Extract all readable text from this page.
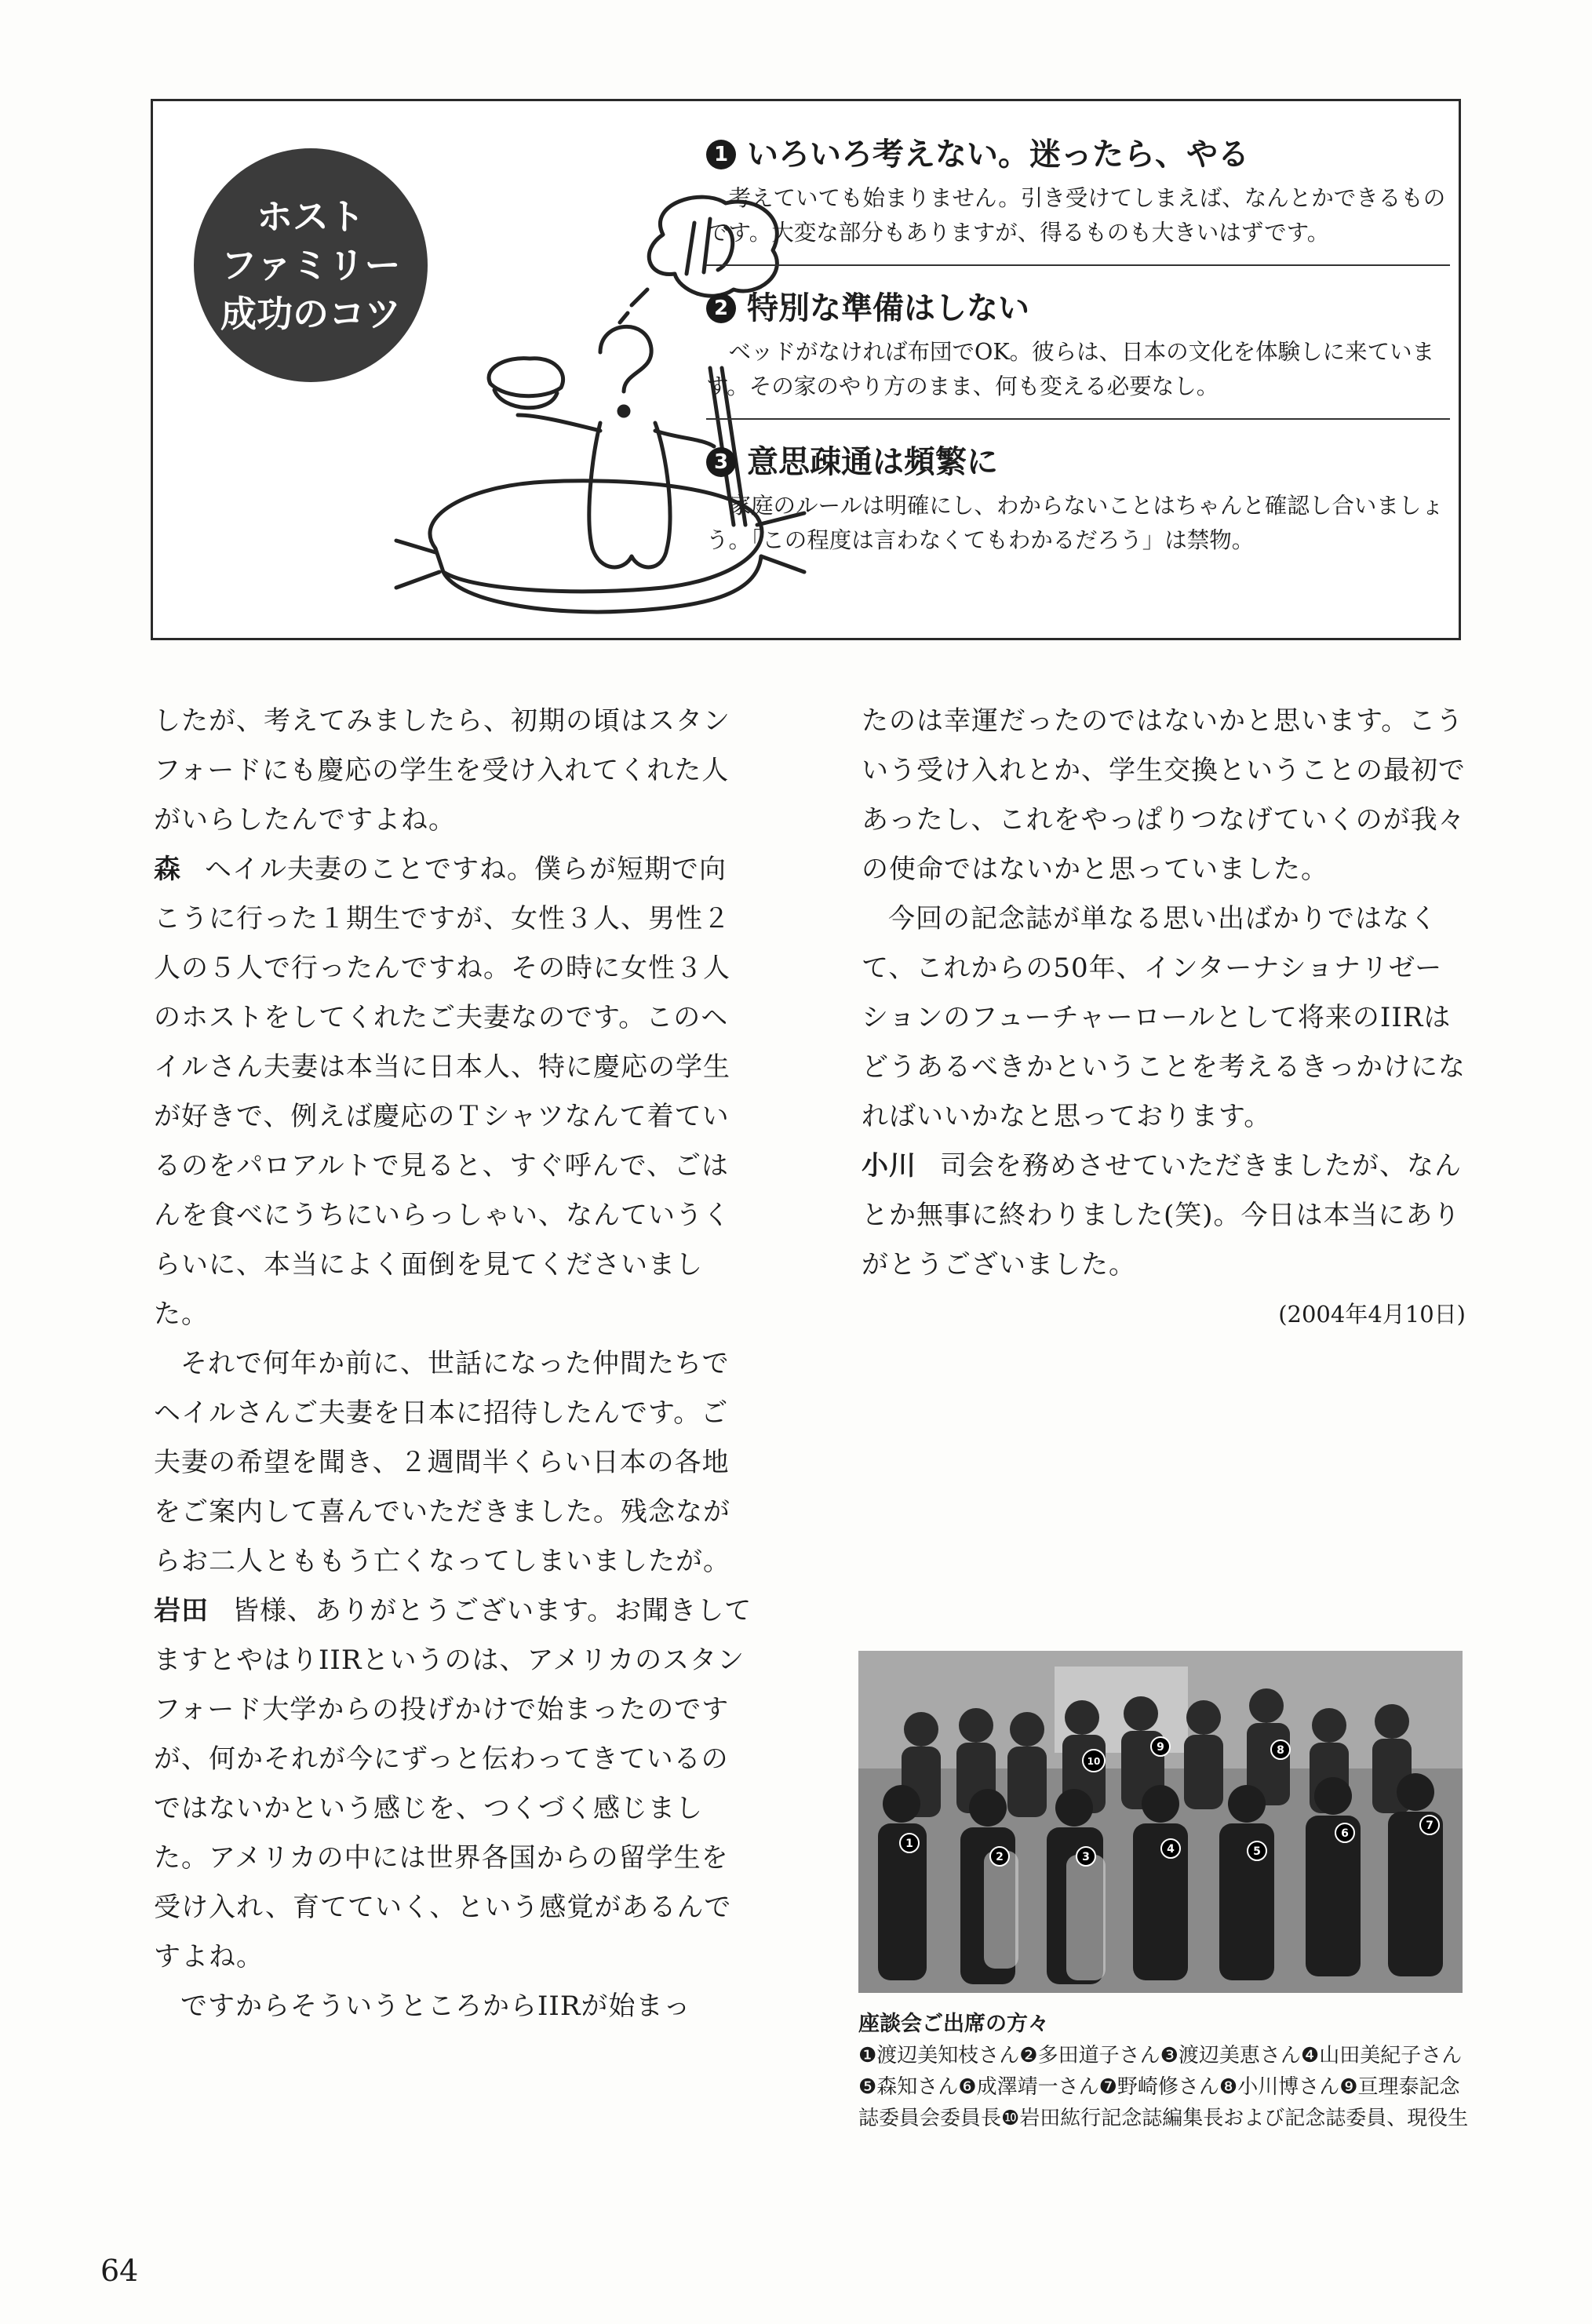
ホスト
ファミリー
成功のコツ
1 いろいろ考えない。迷ったら、やる
考えていても始まりません。引き受けてしまえば、なんとかできるものです。大変な部分もありますが、得るものも大きいはずです。
2 特別な準備はしない
ベッドがなければ布団でOK。彼らは、日本の文化を体験しに来ています。その家のやり方のまま、何も変える必要なし。
3 意思疎通は頻繁に
家庭のルールは明確にし、わからないことはちゃんと確認し合いましょう。「この程度は言わなくてもわかるだろう」は禁物。

したが、考えてみましたら、初期の頃はスタンフォードにも慶応の学生を受け入れてくれた人がいらしたんですよね。

森 ヘイル夫妻のことですね。僕らが短期で向こうに行った１期生ですが、女性３人、男性２人の５人で行ったんですね。その時に女性３人のホストをしてくれたご夫妻なのです。このヘイルさん夫妻は本当に日本人、特に慶応の学生が好きで、例えば慶応のＴシャツなんて着ているのをパロアルトで見ると、すぐ呼んで、ごはんを食べにうちにいらっしゃい、なんていうくらいに、本当によく面倒を見てくださいました。

それで何年か前に、世話になった仲間たちでヘイルさんご夫妻を日本に招待したんです。ご夫妻の希望を聞き、２週間半くらい日本の各地をご案内して喜んでいただきました。残念ながらお二人とももう亡くなってしまいましたが。

岩田 皆様、ありがとうございます。お聞きしてますとやはりIIRというのは、アメリカのスタンフォード大学からの投げかけで始まったのですが、何かそれが今にずっと伝わってきているのではないかという感じを、つくづく感じました。アメリカの中には世界各国からの留学生を受け入れ、育てていく、という感覚があるんですよね。

ですからそういうところからIIRが始まっ

たのは幸運だったのではないかと思います。こういう受け入れとか、学生交換ということの最初であったし、これをやっぱりつなげていくのが我々の使命ではないかと思っていました。

今回の記念誌が単なる思い出ばかりではなくて、これからの50年、インターナショナリゼーションのフューチャーロールとして将来のIIRはどうあるべきかということを考えるきっかけになればいいかなと思っております。

小川 司会を務めさせていただきましたが、なんとか無事に終わりました(笑)。今日は本当にありがとうございました。

(2004年4月10日)

1
2	3
4	5
6
7
8
9
10
座談会ご出席の方々
❶渡辺美知枝さん❷多田道子さん❸渡辺美恵さん❹山田美紀子さん❺森知さん❻成澤靖一さん❼野崎修さん❽小川博さん❾亘理泰記念誌委員会委員長❿岩田紘行記念誌編集長および記念誌委員、現役生
64
